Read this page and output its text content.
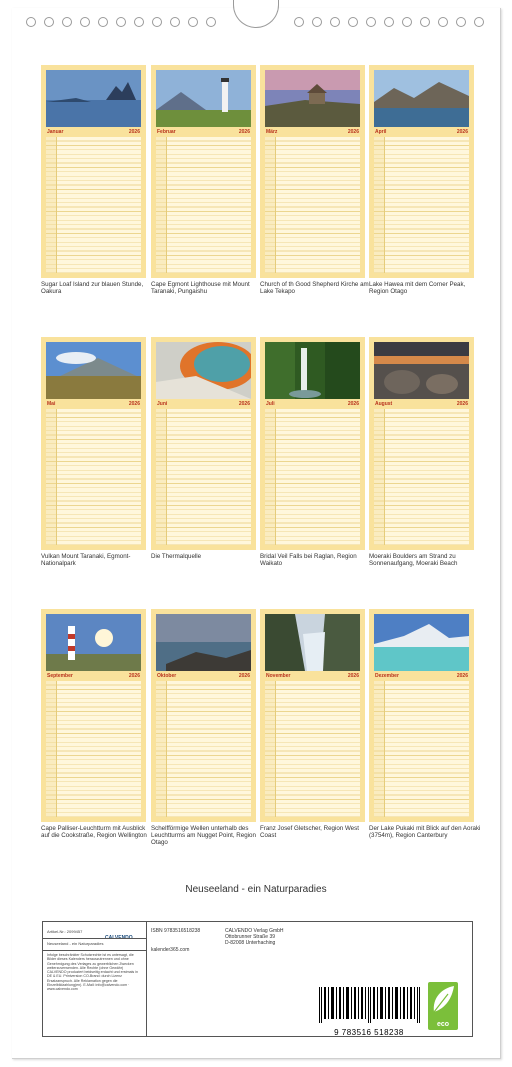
Januar	2026
Sugar Loaf Island zur blauen Stunde, Oakura
Februar	2026
Cape Egmont Lighthouse mit Mount Taranaki, Pungaishu
März	2026
Church of th Good Shepherd Kirche am Lake Tekapo
April	2026
Lake Hawea mit dem Corner Peak, Region Otago
Mai	2026
Vulkan Mount Taranaki, Egmont-Nationalpark
Juni	2026
Die Thermalquelle
Juli	2026
Bridal Veil Falls bei Raglan, Region Waikato
August	2026
Moeraki Boulders am Strand zu Sonnenaufgang, Moeraki Beach
September	2026
Cape Palliser-Leuchtturm mit Ausblick auf die Cookstraße, Region Wellington
Oktober	2026
Schelfförmige Wellen unterhalb des Leuchtturms am Nugget Point, Region Otago
November	2026
Franz Josef Gletscher, Region West Coast
Dezember	2026
Der Lake Pukaki mit Blick auf den Aoraki (3754m), Region Canterbury
Neuseeland - ein Naturparadies
Artikel-Nr.: 2099457
CALVENDO
Neuseeland - ein Naturparadies
Infolge beschränkter Schutzrechte ist es untersagt, die Bilder dieses Kalenders herauszutrennen und ohne Genehmigung des Verlages zu gewerblichen Zwecken weiterzuverwenden. Alle Rechte (ohne Gewähr) CALVENDO produziert beidseitig erdacht und erstmals in DE & EU. Printversion CO-Brand: durch Lizenz Ersatzanspruch. Alle Reklamation gegen die Einzelbildzahlung(en). E-Mail: info@calvendo.com · www.calvendo.com
ISBN 9783516518238
kalender365.com
CALVENDO Verlag GmbH
Ottobrunner Straße 39
D-82008 Unterhaching
9 783516 518238
eco
